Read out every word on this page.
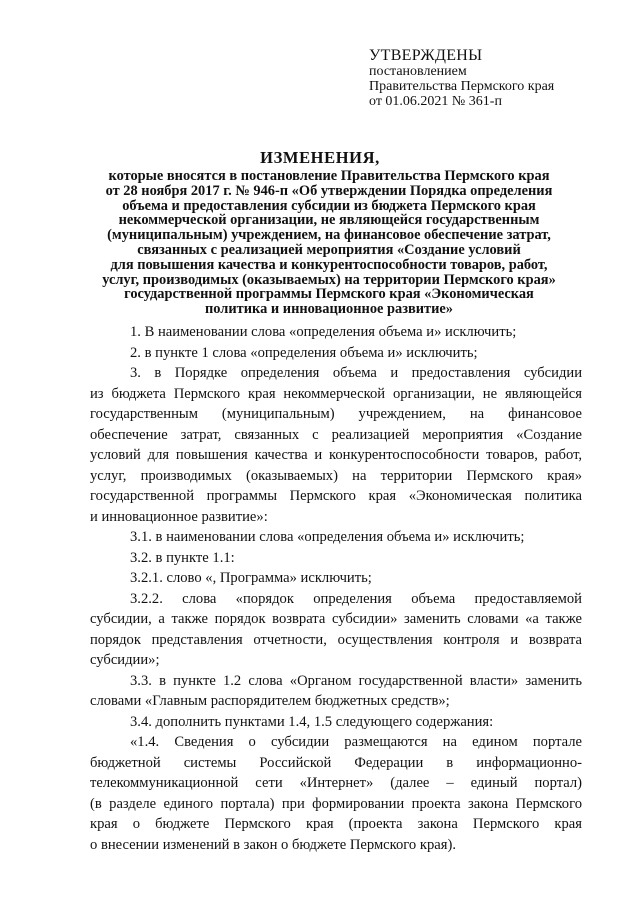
УТВЕРЖДЕНЫ
постановлением
Правительства Пермского края
от 01.06.2021 № 361-п
ИЗМЕНЕНИЯ,
которые вносятся в постановление Правительства Пермского края
от 28 ноября 2017 г. № 946-п «Об утверждении Порядка определения
объема и предоставления субсидии из бюджета Пермского края
некоммерческой организации, не являющейся государственным
(муниципальным) учреждением, на финансовое обеспечение затрат,
связанных с реализацией мероприятия «Создание условий
для повышения качества и конкурентоспособности товаров, работ,
услуг, производимых (оказываемых) на территории Пермского края»
государственной программы Пермского края «Экономическая
политика и инновационное развитие»
1. В наименовании слова «определения объема и» исключить;
2. в пункте 1 слова «определения объема и» исключить;
3. в Порядке определения объема и предоставления субсидии
из бюджета Пермского края некоммерческой организации, не являющейся
государственным (муниципальным) учреждением, на финансовое
обеспечение затрат, связанных с реализацией мероприятия «Создание
условий для повышения качества и конкурентоспособности товаров, работ,
услуг, производимых (оказываемых) на территории Пермского края»
государственной программы Пермского края «Экономическая политика
и инновационное развитие»:
3.1. в наименовании слова «определения объема и» исключить;
3.2. в пункте 1.1:
3.2.1. слово «, Программа» исключить;
3.2.2. слова «порядок определения объема предоставляемой
субсидии, а также порядок возврата субсидии» заменить словами «а также
порядок представления отчетности, осуществления контроля и возврата
субсидии»;
3.3. в пункте 1.2 слова «Органом государственной власти» заменить
словами «Главным распорядителем бюджетных средств»;
3.4. дополнить пунктами 1.4, 1.5 следующего содержания:
«1.4. Сведения о субсидии размещаются на едином портале
бюджетной системы Российской Федерации в информационно-
телекоммуникационной сети «Интернет» (далее – единый портал)
(в разделе единого портала) при формировании проекта закона Пермского
края о бюджете Пермского края (проекта закона Пермского края
о внесении изменений в закон о бюджете Пермского края).
